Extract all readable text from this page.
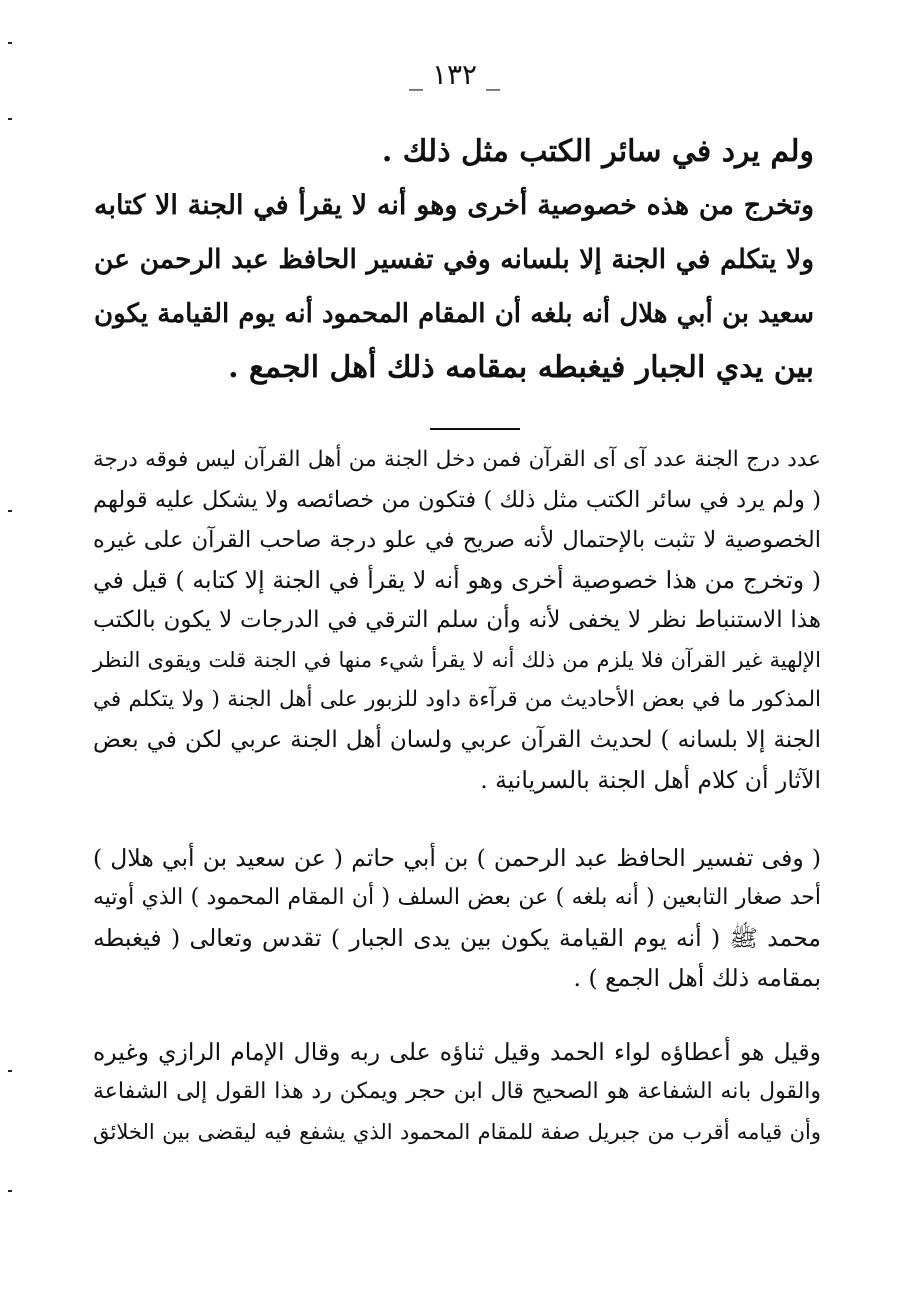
_ ١٣٢ _
ولم يرد في سائر الكتب مثل ذلك .
وتخرج من هذه خصوصية أخرى وهو أنه لا يقرأ في الجنة الا كتابه
ولا يتكلم في الجنة إلا بلسانه وفي تفسير الحافظ عبد الرحمن عن
سعيد بن أبي هلال أنه بلغه أن المقام المحمود أنه يوم القيامة يكون
بين يدي الجبار فيغبطه بمقامه ذلك أهل الجمع .
عدد درج الجنة عدد آى آى القرآن فمن دخل الجنة من أهل القرآن ليس فوقه درجة
( ولم يرد في سائر الكتب مثل ذلك ) فتكون من خصائصه ولا يشكل عليه قولهم
الخصوصية لا تثبت بالإحتمال لأنه صريح في علو درجة صاحب القرآن على غيره
( وتخرج من هذا خصوصية أخرى وهو أنه لا يقرأ في الجنة إلا كتابه ) قيل في
هذا الاستنباط نظر لا يخفى لأنه وأن سلم الترقي في الدرجات لا يكون بالكتب
الإلهية غير القرآن فلا يلزم من ذلك أنه لا يقرأ شيء منها في الجنة قلت ويقوى النظر
المذكور ما في بعض الأحاديث من قرآءة داود للزبور على أهل الجنة ( ولا يتكلم في
الجنة إلا بلسانه ) لحديث القرآن عربي ولسان أهل الجنة عربي لكن في بعض
الآثار أن كلام أهل الجنة بالسريانية .
( وفى تفسير الحافظ عبد الرحمن ) بن أبي حاتم ( عن سعيد بن أبي هلال )
أحد صغار التابعين ( أنه بلغه ) عن بعض السلف ( أن المقام المحمود ) الذي أوتيه
محمد ﷺ ( أنه يوم القيامة يكون بين يدى الجبار ) تقدس وتعالى ( فيغبطه
بمقامه ذلك أهل الجمع ) .
وقيل هو أعطاؤه لواء الحمد وقيل ثناؤه على ربه وقال الإمام الرازي وغيره
والقول بانه الشفاعة هو الصحيح قال ابن حجر ويمكن رد هذا القول إلى الشفاعة
وأن قيامه أقرب من جبريل صفة للمقام المحمود الذي يشفع فيه ليقضى بين الخلائق
